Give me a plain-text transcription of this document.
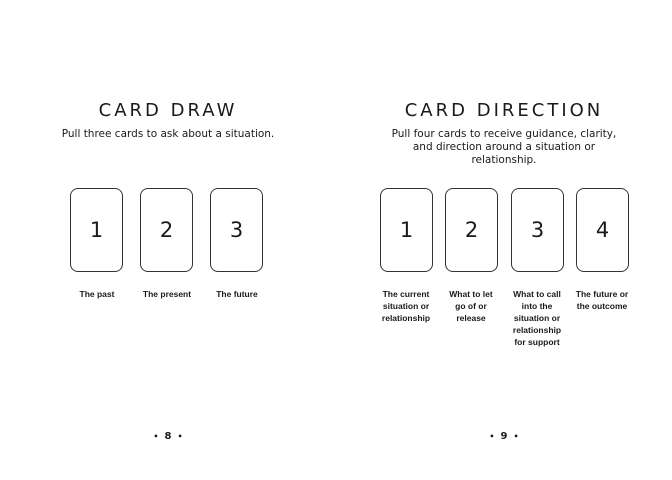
CARD DRAW

Pull three cards to ask about a situation.

1	2	3
The past	The present	The future
• 8 •
CARD DIRECTION

Pull four cards to receive guidance, clarity, and direction around a situation or relationship.

1 2	3 4
The current situation or relationship
What to let go of or release
What to call into the situation or relationship for support
The future or the outcome
• 9 •
